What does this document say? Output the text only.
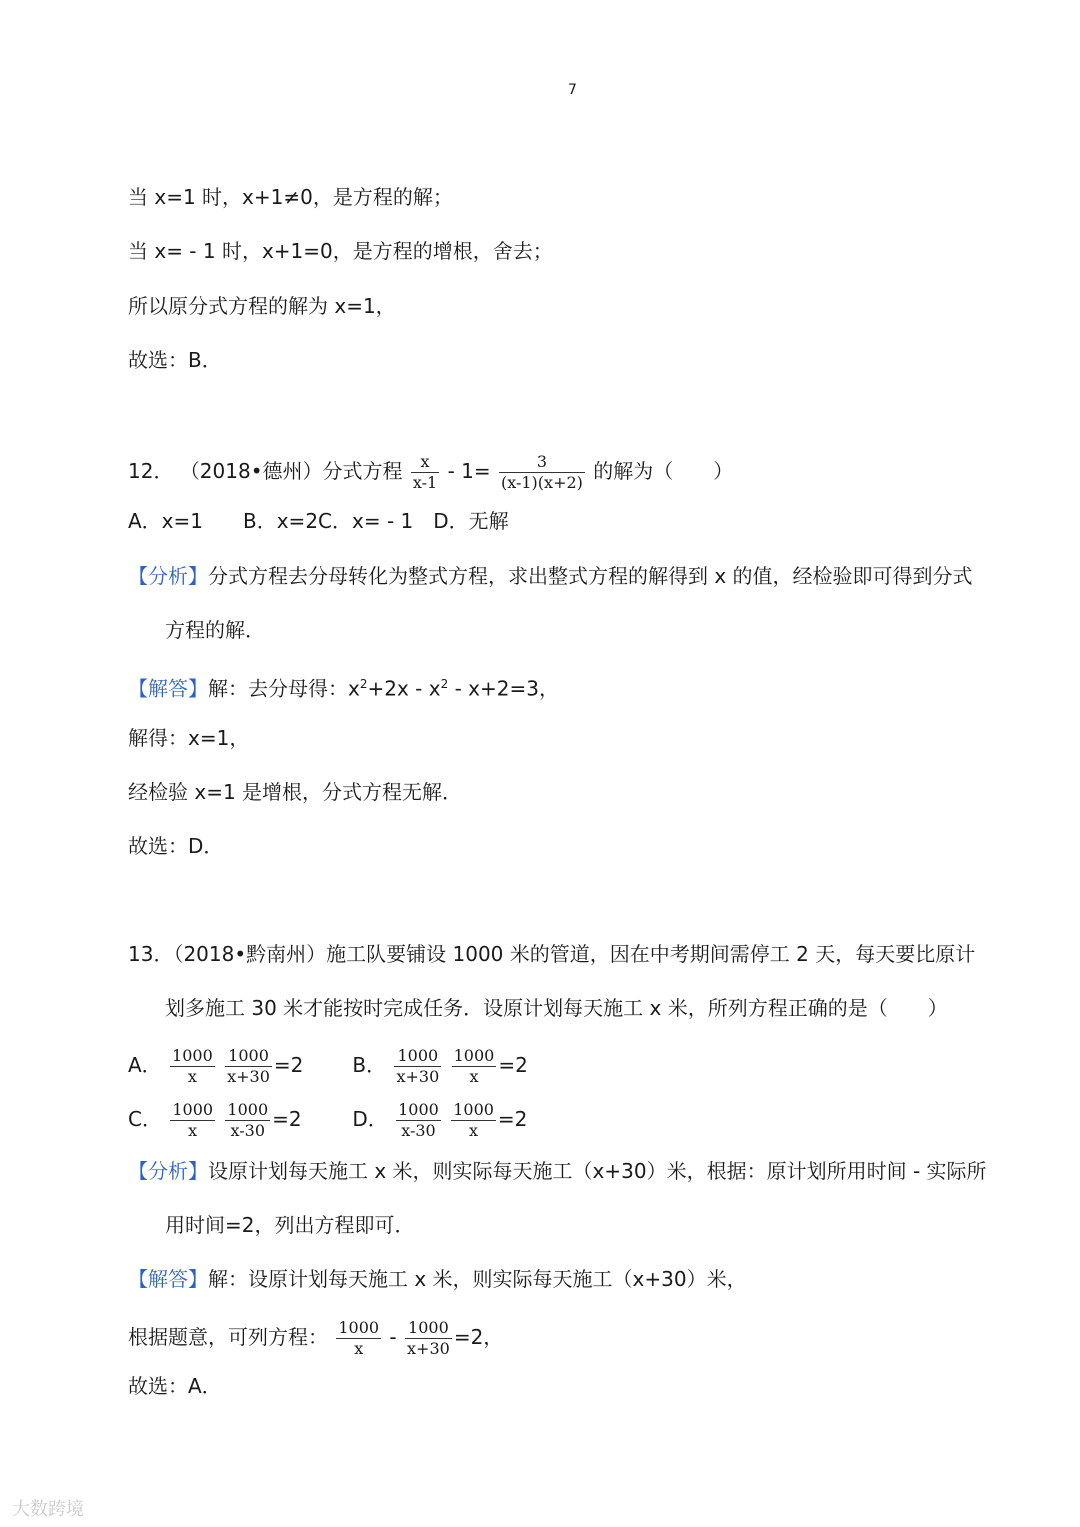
7
当 x=1 时，x+1≠0，是方程的解；
当 x= - 1 时，x+1=0，是方程的增根，舍去；
所以原分式方程的解为 x=1，
故选：B．
12． （2018•德州）分式方程 $\frac{x}{x-1} - 1= \frac{3}{(x-1)(x+2)}$ 的解为（　　）
A．x=1　　B．x=2C．x= - 1　D．无解
【分析】分式方程去分母转化为整式方程，求出整式方程的解得到 x 的值，经检验即可得到分式
方程的解．
【解答】解：去分母得：$x^2+2x - x^2 - x+2=3$，
解得：x=1，
经检验 x=1 是增根，分式方程无解．
故选：D．
13．（2018•黔南州）施工队要铺设 1000 米的管道，因在中考期间需停工 2 天，每天要比原计
划多施工 30 米才能按时完成任务．设原计划每天施工 x 米，所列方程正确的是（　　）
A． $\frac{1000}{x}$
$\frac{1000}{x+30} =2$ B． $\frac{1000}{x+30}$
$\frac{1000}{x} =2$
C． $\frac{1000}{x}$
$\frac{1000}{x-30} =2$	D． $\frac{1000}{x-30}$
$\frac{1000}{x} =2$
【分析】设原计划每天施工 x 米，则实际每天施工（x+30）米，根据：原计划所用时间 - 实际所
用时间=2，列出方程即可．
【解答】解：设原计划每天施工 x 米，则实际每天施工（x+30）米，
根据题意，可列方程： $\frac{1000}{x} - \frac{1000}{x+30} =2$，
故选：A．
大数跨境
